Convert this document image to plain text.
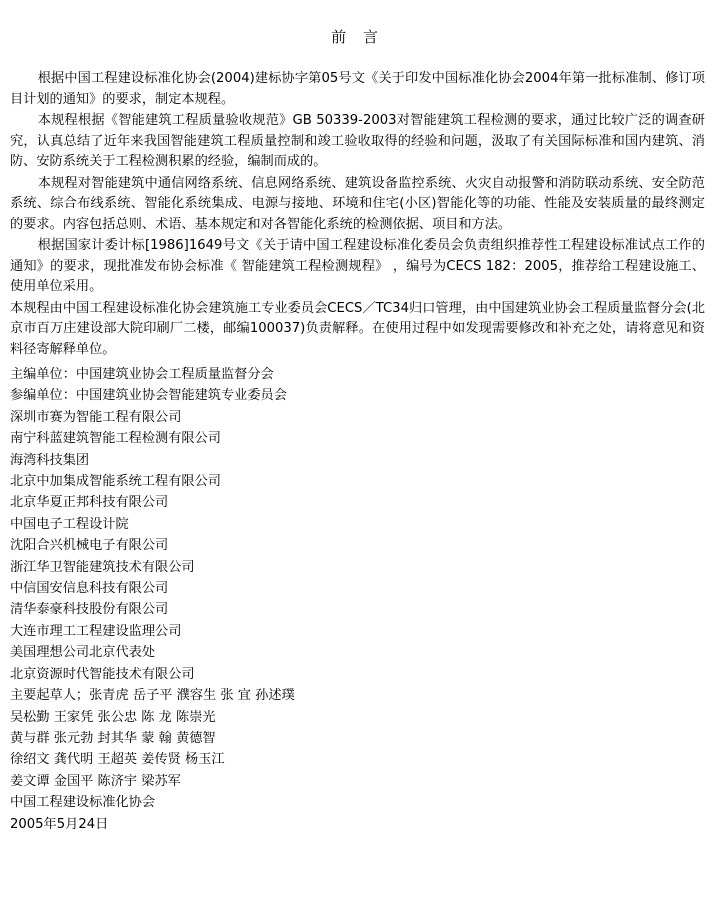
前 言

根据中国工程建设标准化协会(2004)建标协字第05号文《关于印发中国标准化协会2004年第一批标准制、修订项目计划的通知》的要求，制定本规程。

本规程根据《智能建筑工程质量验收规范》GB 50339-2003对智能建筑工程检测的要求，通过比较广泛的调查研究，认真总结了近年来我国智能建筑工程质量控制和竣工验收取得的经验和问题，汲取了有关国际标准和国内建筑、消防、安防系统关于工程检测积累的经验，编制而成的。

本规程对智能建筑中通信网络系统、信息网络系统、建筑设备监控系统、火灾自动报警和消防联动系统、安全防范系统、综合布线系统、智能化系统集成、电源与接地、环境和住宅(小区)智能化等的功能、性能及安装质量的最终测定的要求。内容包括总则、术语、基本规定和对各智能化系统的检测依据、项目和方法。

根据国家计委计标[1986]1649号文《关于请中国工程建设标准化委员会负责组织推荐性工程建设标准试点工作的通知》的要求，现批准发布协会标准《 智能建筑工程检测规程》 ，编号为CECS 182：2005，推荐给工程建设施工、使用单位采用。

本规程由中国工程建设标准化协会建筑施工专业委员会CECS／TC34归口管理，由中国建筑业协会工程质量监督分会(北京市百万庄建设部大院印刷厂二楼，邮编100037)负责解释。在使用过程中如发现需要修改和补充之处，请将意见和资料径寄解释单位。

主编单位：中国建筑业协会工程质量监督分会

参编单位：中国建筑业协会智能建筑专业委员会

深圳市赛为智能工程有限公司

南宁科蓝建筑智能工程检测有限公司

海湾科技集团

北京中加集成智能系统工程有限公司

北京华夏正邦科技有限公司

中国电子工程设计院

沈阳合兴机械电子有限公司

浙江华卫智能建筑技术有限公司

中信国安信息科技有限公司

清华泰豪科技股份有限公司

大连市理工工程建设监理公司

美国理想公司北京代表处

北京资源时代智能技术有限公司

主要起草人；张青虎 岳子平 濮容生 张 宜 孙述璞

吴松勤 王家凭 张公忠 陈 龙 陈崇光

黄与群 张元勃 封其华 蒙 翰 黄德智

徐绍文 龚代明 王超英 姜传贤 杨玉江

姜文谭 金国平 陈济宇 梁苏军

中国工程建设标准化协会

2005年5月24日
